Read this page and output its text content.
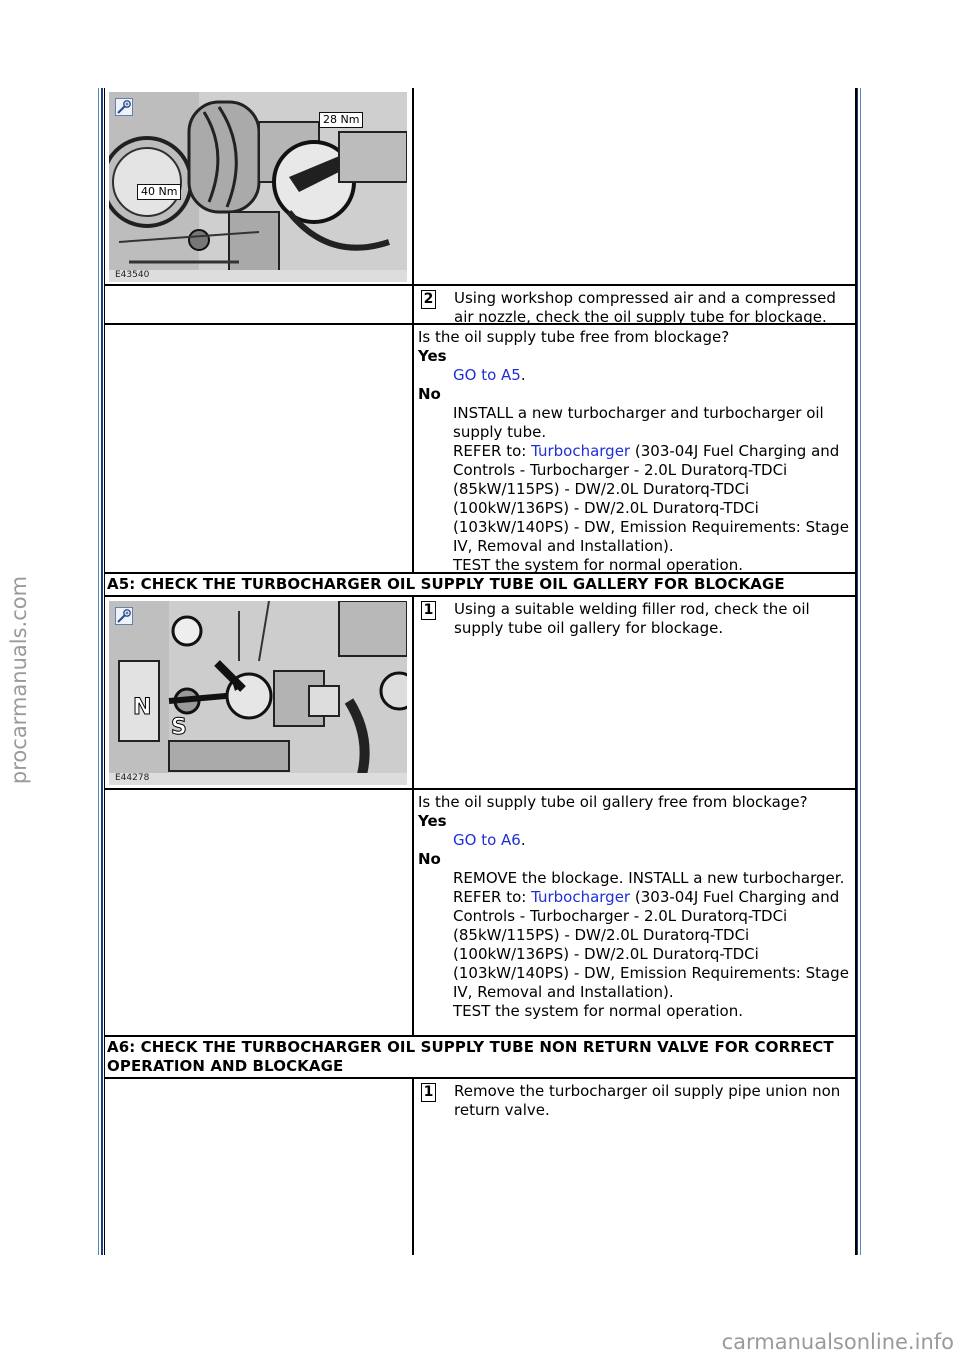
procarmanuals.com
carmanualsonline.info
28 Nm
40 Nm
E43540
2 Using workshop compressed air and a compressed air nozzle, check the oil supply tube for blockage.
Is the oil supply tube free from blockage?
Yes
GO to A5.
No
INSTALL a new turbocharger and turbocharger oil supply tube.
REFER to: Turbocharger (303-04J Fuel Charging and Controls - Turbocharger - 2.0L Duratorq-TDCi (85kW/115PS) - DW/2.0L Duratorq-TDCi (100kW/136PS) - DW/2.0L Duratorq-TDCi (103kW/140PS) - DW, Emission Requirements: Stage IV, Removal and Installation).
TEST the system for normal operation.
A5: CHECK THE TURBOCHARGER OIL SUPPLY TUBE OIL GALLERY FOR BLOCKAGE
N
S
E44278
1 Using a suitable welding filler rod, check the oil supply tube oil gallery for blockage.
Is the oil supply tube oil gallery free from blockage?
Yes
GO to A6.
No
REMOVE the blockage. INSTALL a new turbocharger.
REFER to: Turbocharger (303-04J Fuel Charging and Controls - Turbocharger - 2.0L Duratorq-TDCi (85kW/115PS) - DW/2.0L Duratorq-TDCi (100kW/136PS) - DW/2.0L Duratorq-TDCi (103kW/140PS) - DW, Emission Requirements: Stage IV, Removal and Installation).
TEST the system for normal operation.
A6: CHECK THE TURBOCHARGER OIL SUPPLY TUBE NON RETURN VALVE FOR CORRECT OPERATION AND BLOCKAGE
1 Remove the turbocharger oil supply pipe union non return valve.
